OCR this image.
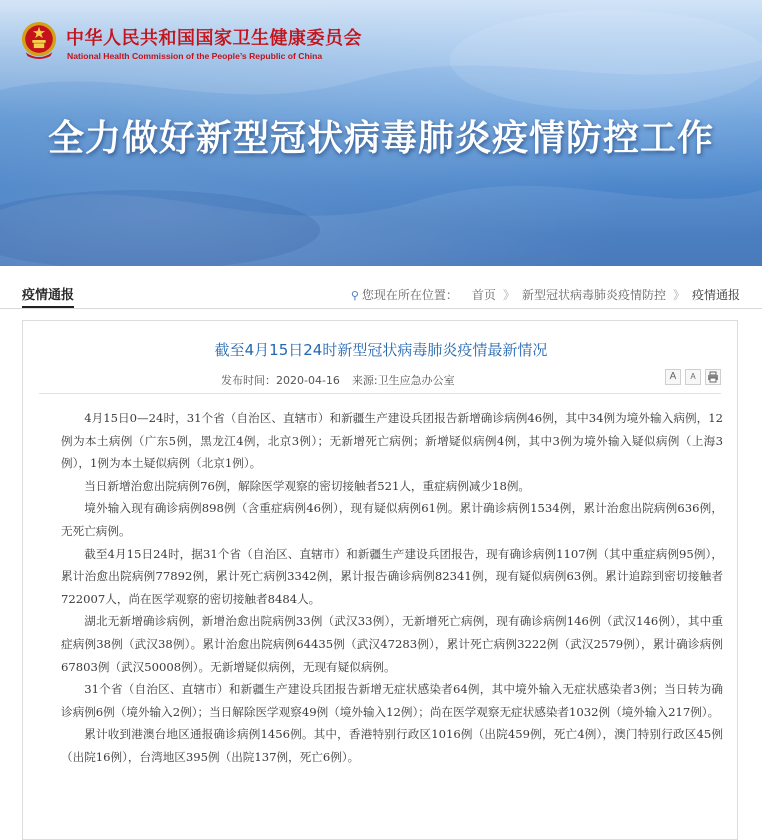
中华人民共和国国家卫生健康委员会
National Health Commission of the People’s Republic of China
全力做好新型冠状病毒肺炎疫情防控工作
疫情通报	⚲ 您现在所在位置： 首页 》 新型冠状病毒肺炎疫情防控 》 疫情通报
截至4月15日24时新型冠状病毒肺炎疫情最新情况
发布时间：2020-04-16 来源:卫生应急办公室	A	A

4月15日0—24时，31个省（自治区、直辖市）和新疆生产建设兵团报告新增确诊病例46例，其中34例为境外输入病例，12例为本土病例（广东5例，黑龙江4例，北京3例）；无新增死亡病例；新增疑似病例4例，其中3例为境外输入疑似病例（上海3例），1例为本土疑似病例（北京1例）。

当日新增治愈出院病例76例，解除医学观察的密切接触者521人，重症病例减少18例。

境外输入现有确诊病例898例（含重症病例46例），现有疑似病例61例。累计确诊病例1534例，累计治愈出院病例636例，无死亡病例。

截至4月15日24时，据31个省（自治区、直辖市）和新疆生产建设兵团报告，现有确诊病例1107例（其中重症病例95例），累计治愈出院病例77892例，累计死亡病例3342例，累计报告确诊病例82341例，现有疑似病例63例。累计追踪到密切接触者722007人，尚在医学观察的密切接触者8484人。

湖北无新增确诊病例，新增治愈出院病例33例（武汉33例），无新增死亡病例，现有确诊病例146例（武汉146例），其中重症病例38例（武汉38例）。累计治愈出院病例64435例（武汉47283例），累计死亡病例3222例（武汉2579例），累计确诊病例67803例（武汉50008例）。无新增疑似病例，无现有疑似病例。

31个省（自治区、直辖市）和新疆生产建设兵团报告新增无症状感染者64例，其中境外输入无症状感染者3例；当日转为确诊病例6例（境外输入2例）；当日解除医学观察49例（境外输入12例）；尚在医学观察无症状感染者1032例（境外输入217例）。

累计收到港澳台地区通报确诊病例1456例。其中，香港特别行政区1016例（出院459例，死亡4例），澳门特别行政区45例（出院16例），台湾地区395例（出院137例，死亡6例）。
